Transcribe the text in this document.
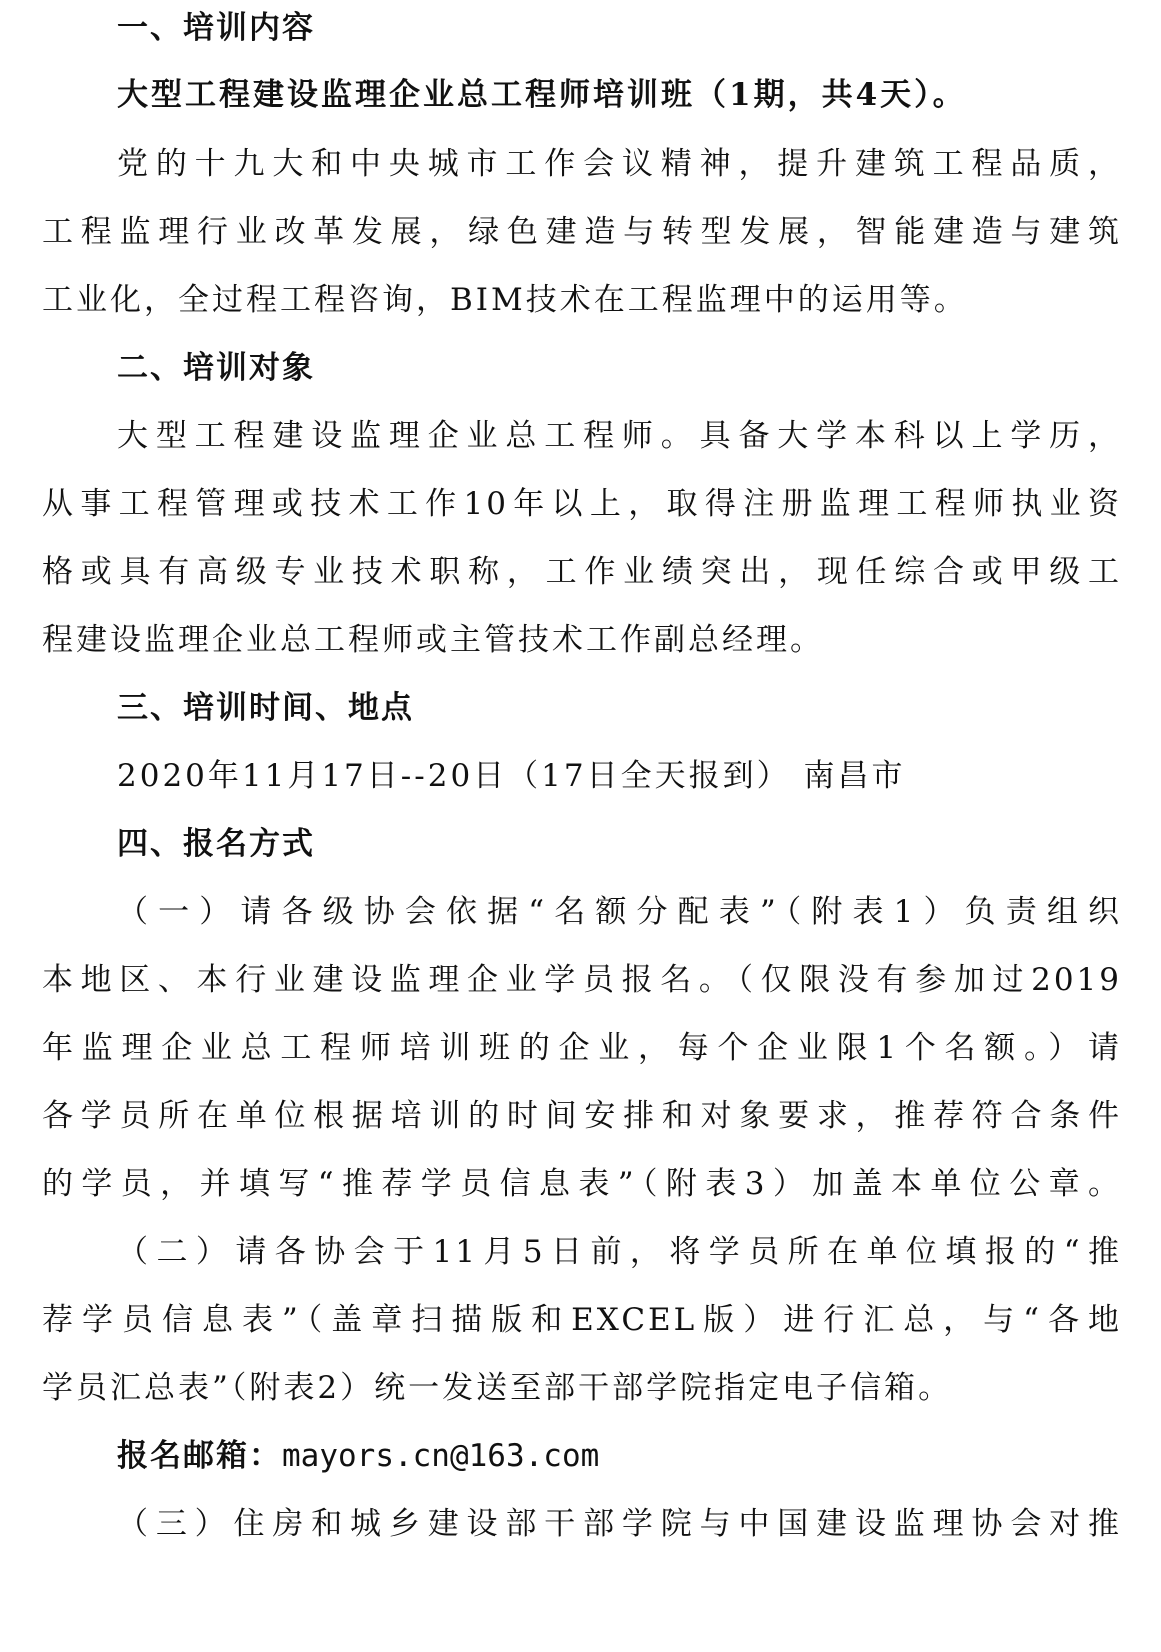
一、培训内容
大型工程建设监理企业总工程师培训班（1期，共4天）。
党的十九大和中央城市工作会议精神，提升建筑工程品质，
工程监理行业改革发展，绿色建造与转型发展，智能建造与建筑
工业化，全过程工程咨询，BIM技术在工程监理中的运用等。
二、培训对象
大型工程建设监理企业总工程师。具备大学本科以上学历，
从事工程管理或技术工作10年以上，取得注册监理工程师执业资
格或具有高级专业技术职称，工作业绩突出，现任综合或甲级工
程建设监理企业总工程师或主管技术工作副总经理。
三、培训时间、地点
2020年11月17日--20日（17日全天报到） 南昌市
四、报名方式
（一）请各级协会依据“名额分配表”（附表1）负责组织
本地区、本行业建设监理企业学员报名。（仅限没有参加过2019
年监理企业总工程师培训班的企业，每个企业限1个名额。）请
各学员所在单位根据培训的时间安排和对象要求，推荐符合条件
的学员，并填写“推荐学员信息表”（附表3）加盖本单位公章。
（二）请各协会于11月5日前，将学员所在单位填报的“推
荐学员信息表”（盖章扫描版和EXCEL版）进行汇总，与“各地
学员汇总表”（附表2）统一发送至部干部学院指定电子信箱。
报名邮箱：mayors.cn@163.com
（三）住房和城乡建设部干部学院与中国建设监理协会对推
